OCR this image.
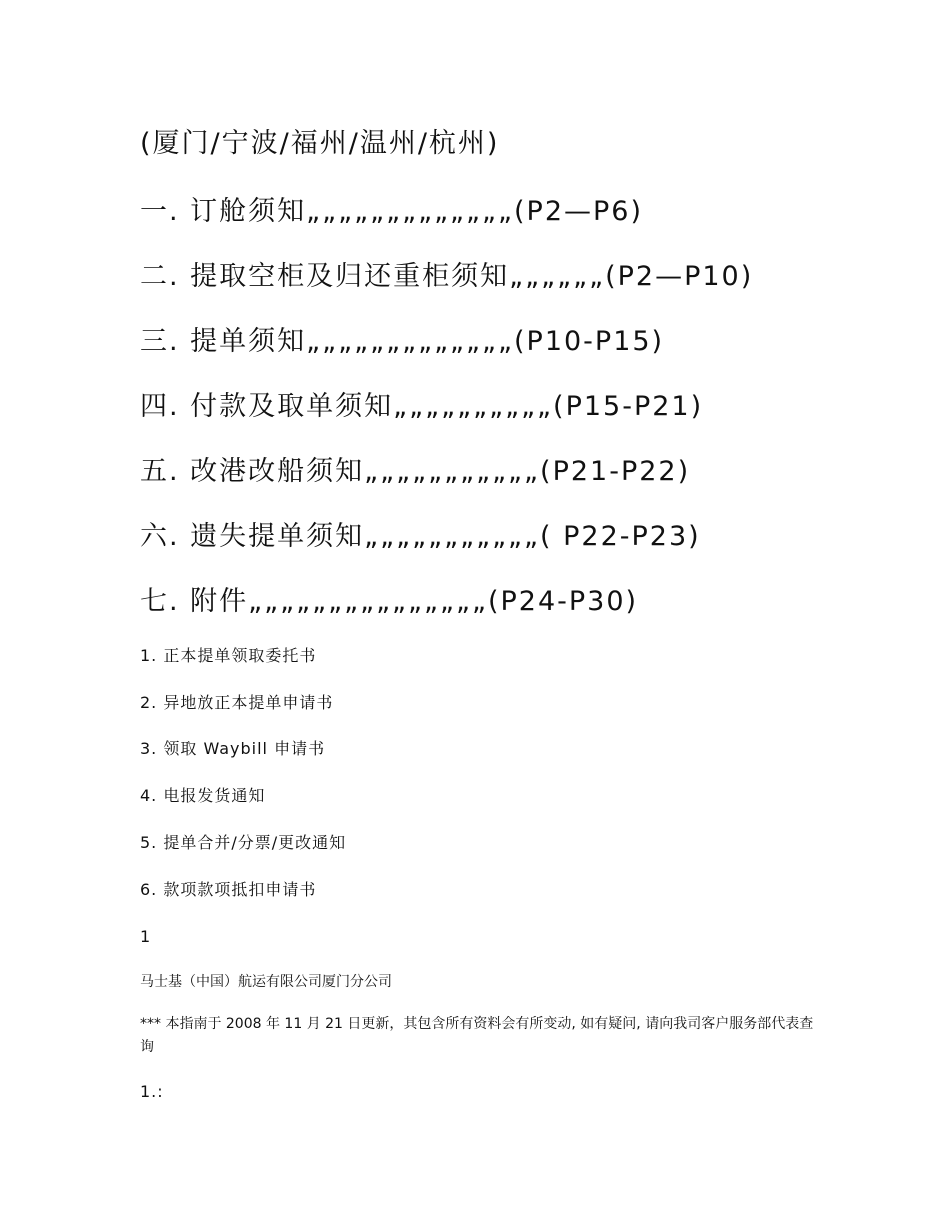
(厦门/宁波/福州/温州/杭州)
一. 订舱须知„„„„„„„„„„„„„(P2—P6)
二. 提取空柜及归还重柜须知„„„„„„(P2—P10)
三. 提单须知„„„„„„„„„„„„„(P10-P15)
四. 付款及取单须知„„„„„„„„„„(P15-P21)
五. 改港改船须知„„„„„„„„„„„(P21-P22)
六. 遗失提单须知„„„„„„„„„„„( P22-P23)
七. 附件„„„„„„„„„„„„„„„(P24-P30)
1. 正本提单领取委托书
2. 异地放正本提单申请书
3. 领取 Waybill 申请书
4. 电报发货通知
5. 提单合并/分票/更改通知
6. 款项款项抵扣申请书
1
马士基（中国）航运有限公司厦门分公司
*** 本指南于 2008 年 11 月 21 日更新，其包含所有资料会有所变动, 如有疑问, 请向我司客户服务部代表查询
1.:
